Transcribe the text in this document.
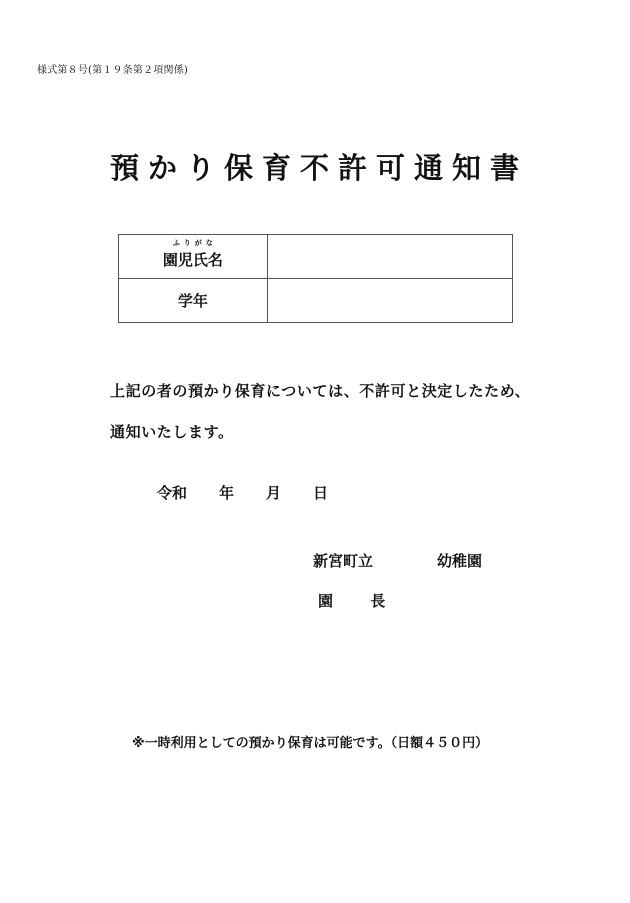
様式第８号(第１９条第２項関係)
預かり保育不許可通知書
ふりがな
園児氏名	
学年	
上記の者の預かり保育については、不許可と決定したため、
通知いたします。
令和 年 月 日
新宮町立	幼稚園
園 長
※一時利用としての預かり保育は可能です。（日額４５０円）
